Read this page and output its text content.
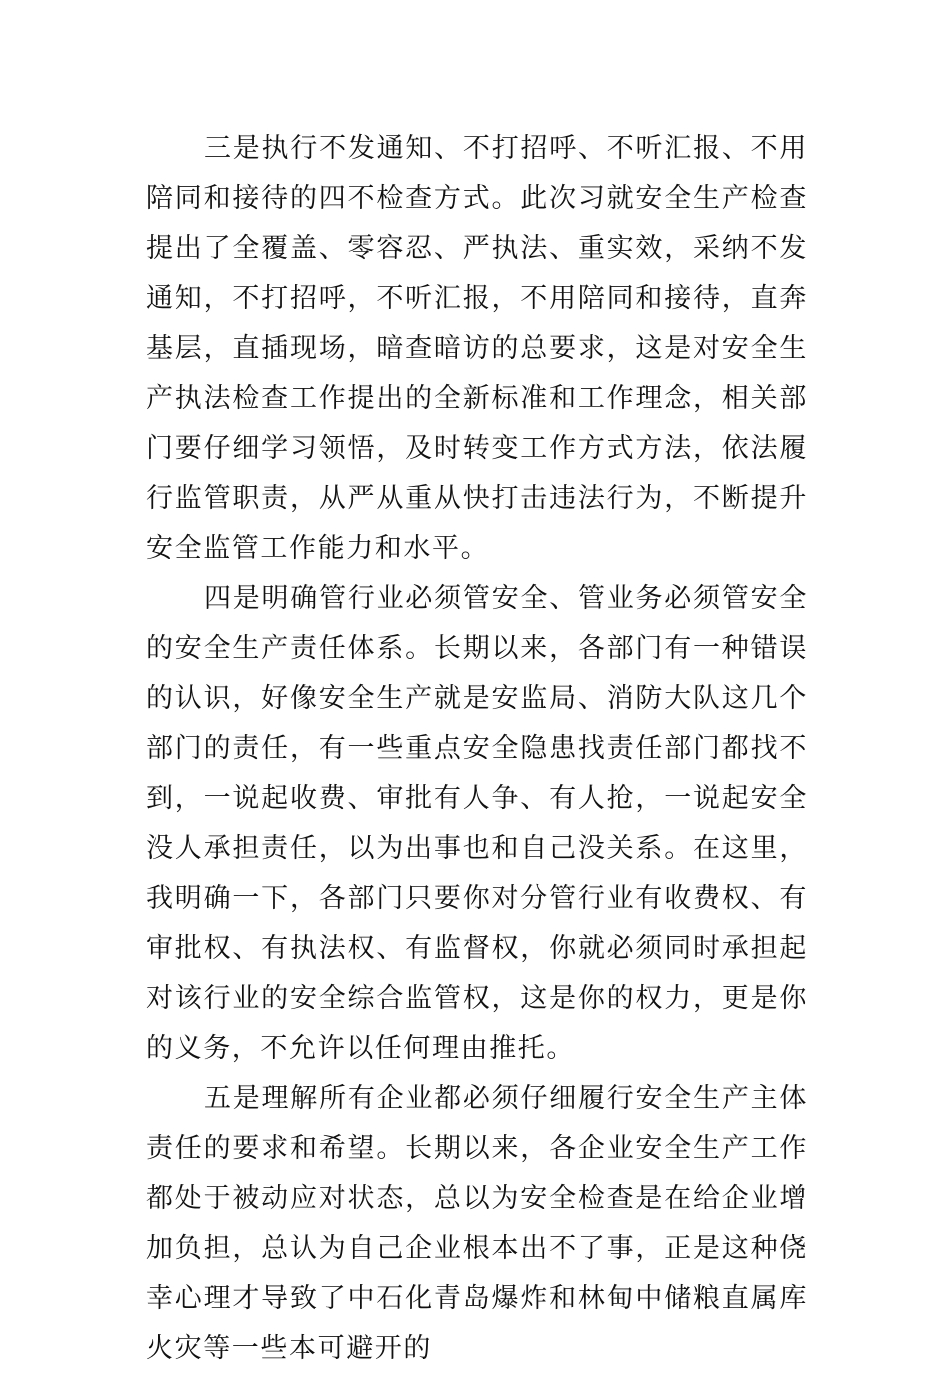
三是执行不发通知、不打招呼、不听汇报、不用陪同和接待的四不检查方式。此次习就安全生产检查提出了全覆盖、零容忍、严执法、重实效，采纳不发通知，不打招呼，不听汇报，不用陪同和接待，直奔基层，直插现场，暗查暗访的总要求，这是对安全生产执法检查工作提出的全新标准和工作理念，相关部门要仔细学习领悟，及时转变工作方式方法，依法履行监管职责，从严从重从快打击违法行为，不断提升安全监管工作能力和水平。

四是明确管行业必须管安全、管业务必须管安全的安全生产责任体系。长期以来，各部门有一种错误的认识，好像安全生产就是安监局、消防大队这几个部门的责任，有一些重点安全隐患找责任部门都找不到，一说起收费、审批有人争、有人抢，一说起安全没人承担责任，以为出事也和自己没关系。在这里，我明确一下，各部门只要你对分管行业有收费权、有审批权、有执法权、有监督权，你就必须同时承担起对该行业的安全综合监管权，这是你的权力，更是你的义务，不允许以任何理由推托。

五是理解所有企业都必须仔细履行安全生产主体责任的要求和希望。长期以来，各企业安全生产工作都处于被动应对状态，总以为安全检查是在给企业增加负担，总认为自己企业根本出不了事，正是这种侥幸心理才导致了中石化青岛爆炸和林甸中储粮直属库火灾等一些本可避开的
